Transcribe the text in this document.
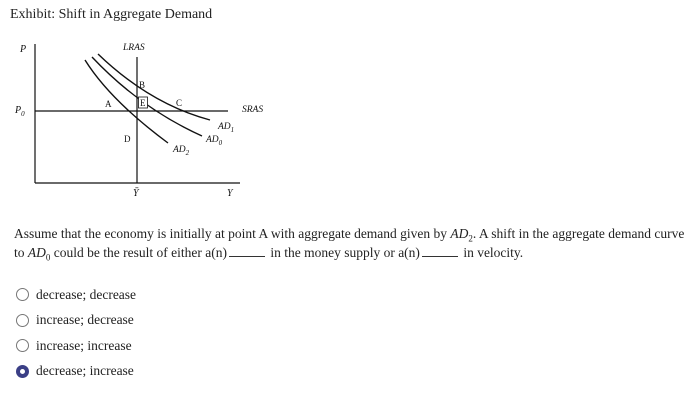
Exhibit: Shift in Aggregate Demand
P
Y
LRAS
SRAS
$P_0$
Ȳ
A
B
E	C
D
$AD_1$
$AD_0$
$AD_2$
Assume that the economy is initially at point A with aggregate demand given by $AD_2$. A shift in the aggregate demand curve to $AD_0$ could be the result of either a(n)	in the money supply or a(n)	in velocity.
decrease; decrease
increase; decrease
increase; increase
decrease; increase
